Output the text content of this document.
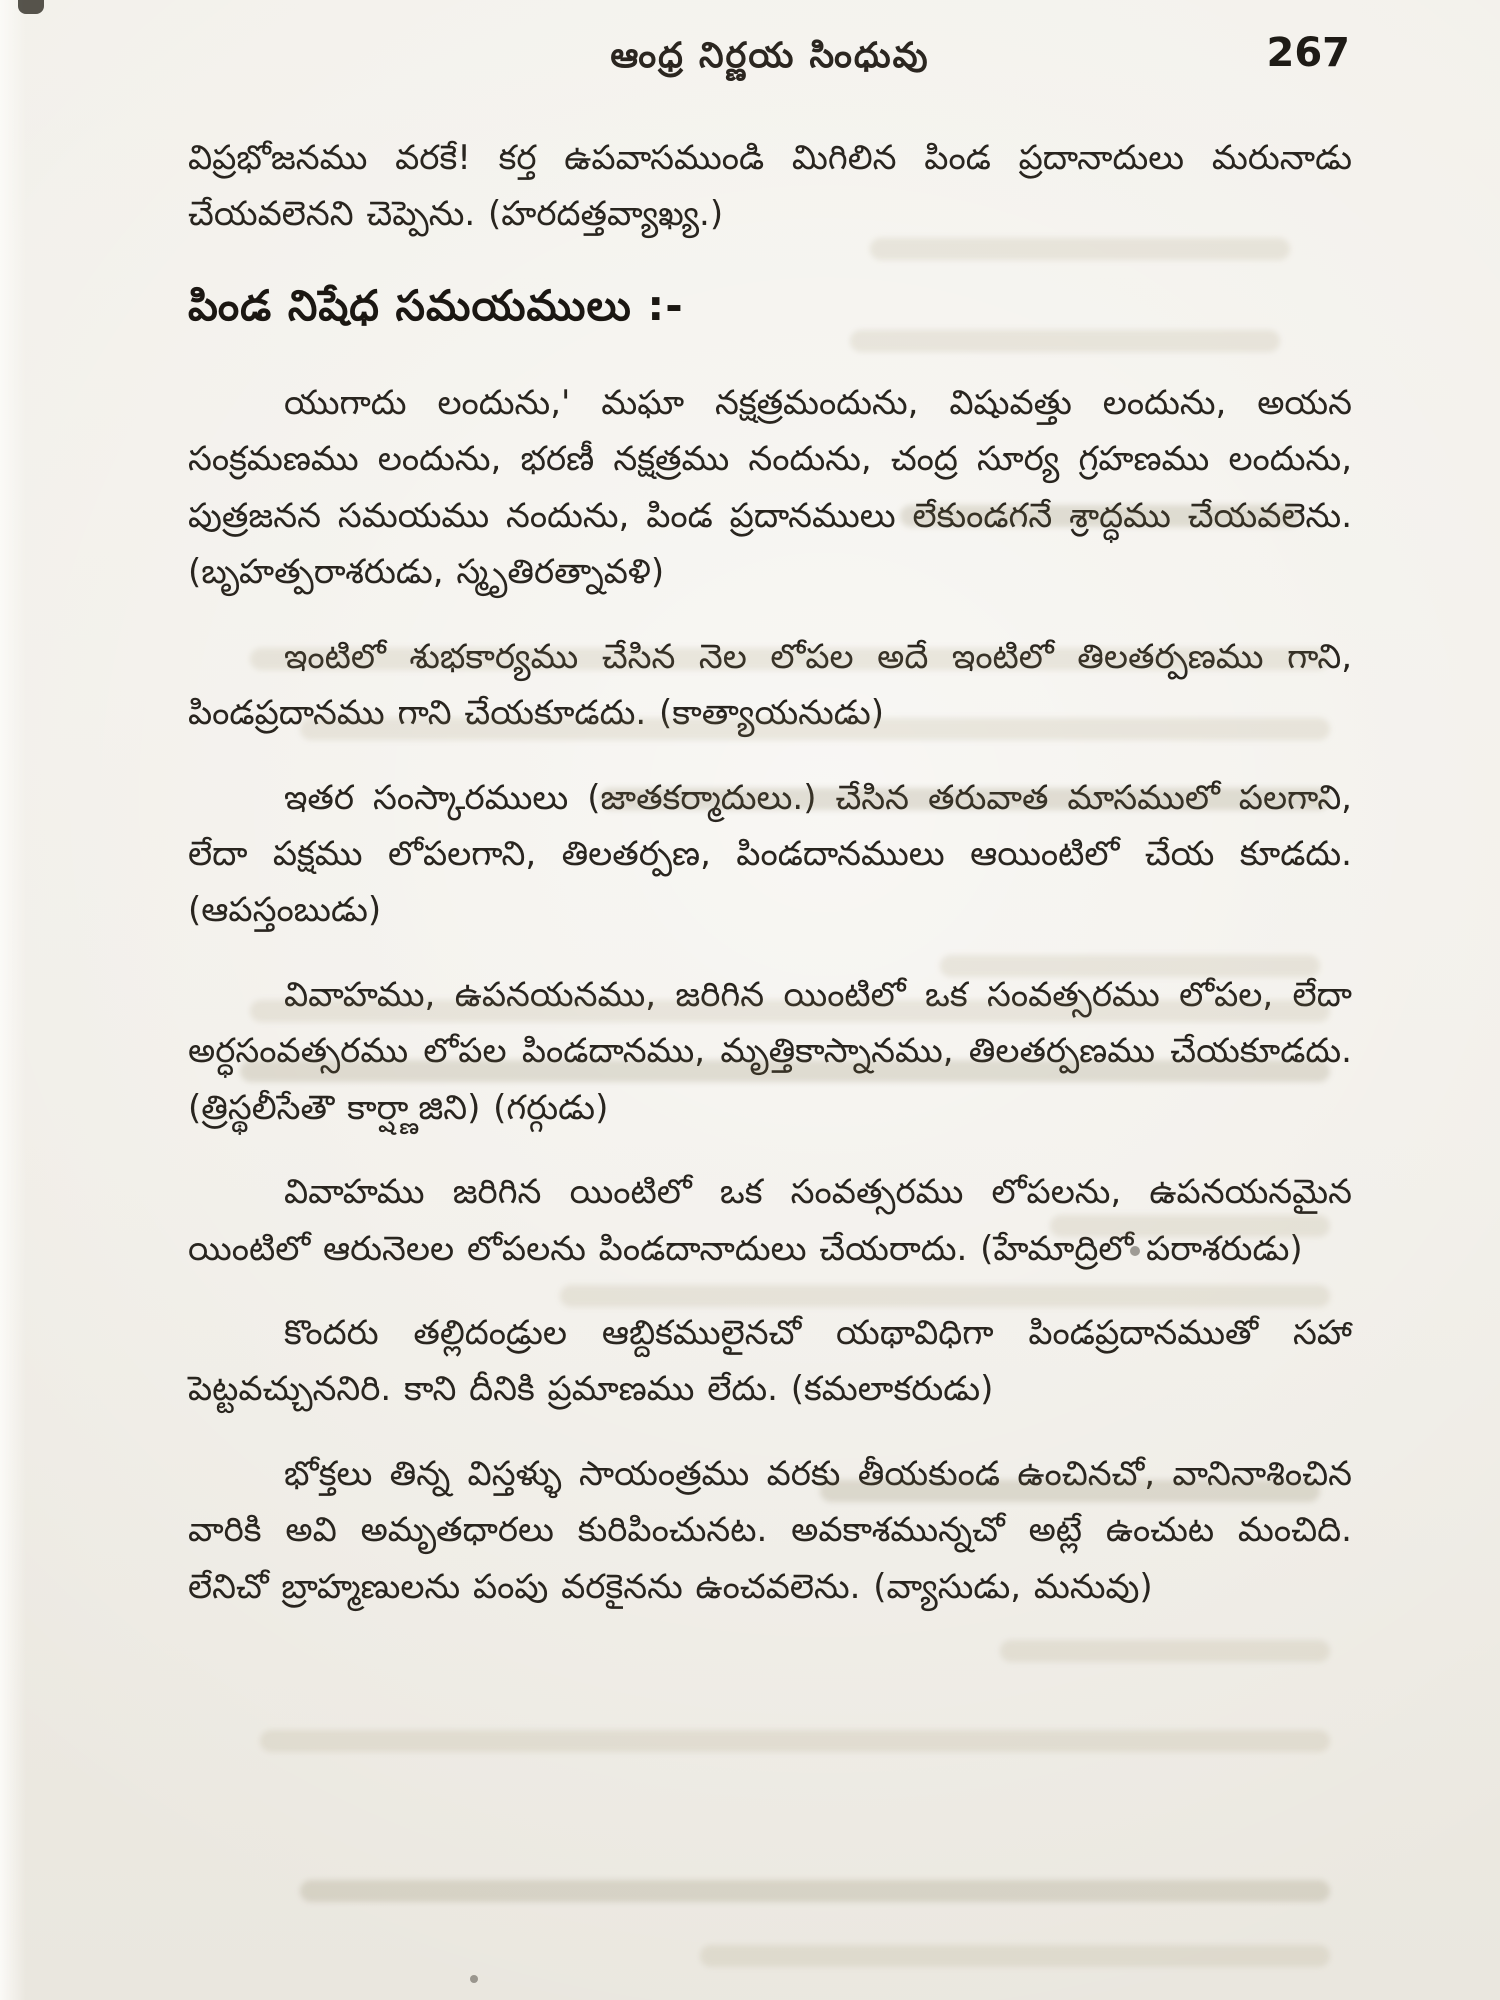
ఆంధ్ర నిర్ణయ సింధువు	267

విప్రభోజనము వరకే! కర్త ఉపవాసముండి మిగిలిన పిండ ప్రదానాదులు మరునాడు చేయవలెనని చెప్పెను. (హరదత్తవ్యాఖ్య.)

పిండ నిషేధ సమయములు :-

యుగాదు లందును,' మఘా నక్షత్రమందును, విషువత్తు లందును, అయన సంక్రమణము లందును, భరణీ నక్షత్రము నందును, చంద్ర సూర్య గ్రహణము లందును, పుత్రజనన సమయము నందును, పిండ ప్రదానములు లేకుండగనే శ్రాద్ధము చేయవలెను. (బృహత్పరాశరుడు, స్మృతిరత్నావళి)

ఇంటిలో శుభకార్యము చేసిన నెల లోపల అదే ఇంటిలో తిలతర్పణము గాని, పిండప్రదానము గాని చేయకూడదు. (కాత్యాయనుడు)

ఇతర సంస్కారములు (జాతకర్మాదులు.) చేసిన తరువాత మాసములో పలగాని, లేదా పక్షము లోపలగాని, తిలతర్పణ, పిండదానములు ఆయింటిలో చేయ కూడదు. (ఆపస్తంబుడు)

వివాహము, ఉపనయనము, జరిగిన యింటిలో ఒక సంవత్సరము లోపల, లేదా అర్ధసంవత్సరము లోపల పిండదానము, మృత్తికాస్నానము, తిలతర్పణము చేయకూడదు. (త్రిస్థలీసేతౌ కార్ష్ణాజిని) (గర్గుడు)

వివాహము జరిగిన యింటిలో ఒక సంవత్సరము లోపలను, ఉపనయనమైన యింటిలో ఆరునెలల లోపలను పిండదానాదులు చేయరాదు. (హేమాద్రిలో పరాశరుడు)

కొందరు తల్లిదండ్రుల ఆబ్దికములైనచో యథావిధిగా పిండప్రదానముతో సహా పెట్టవచ్చుననిరి. కాని దీనికి ప్రమాణము లేదు. (కమలాకరుడు)

భోక్తలు తిన్న విస్తళ్ళు సాయంత్రము వరకు తీయకుండ ఉంచినచో, వానినాశించిన వారికి అవి అమృతధారలు కురిపించునట. అవకాశమున్నచో అట్లే ఉంచుట మంచిది. లేనిచో బ్రాహ్మణులను పంపు వరకైనను ఉంచవలెను. (వ్యాసుడు, మనువు)
